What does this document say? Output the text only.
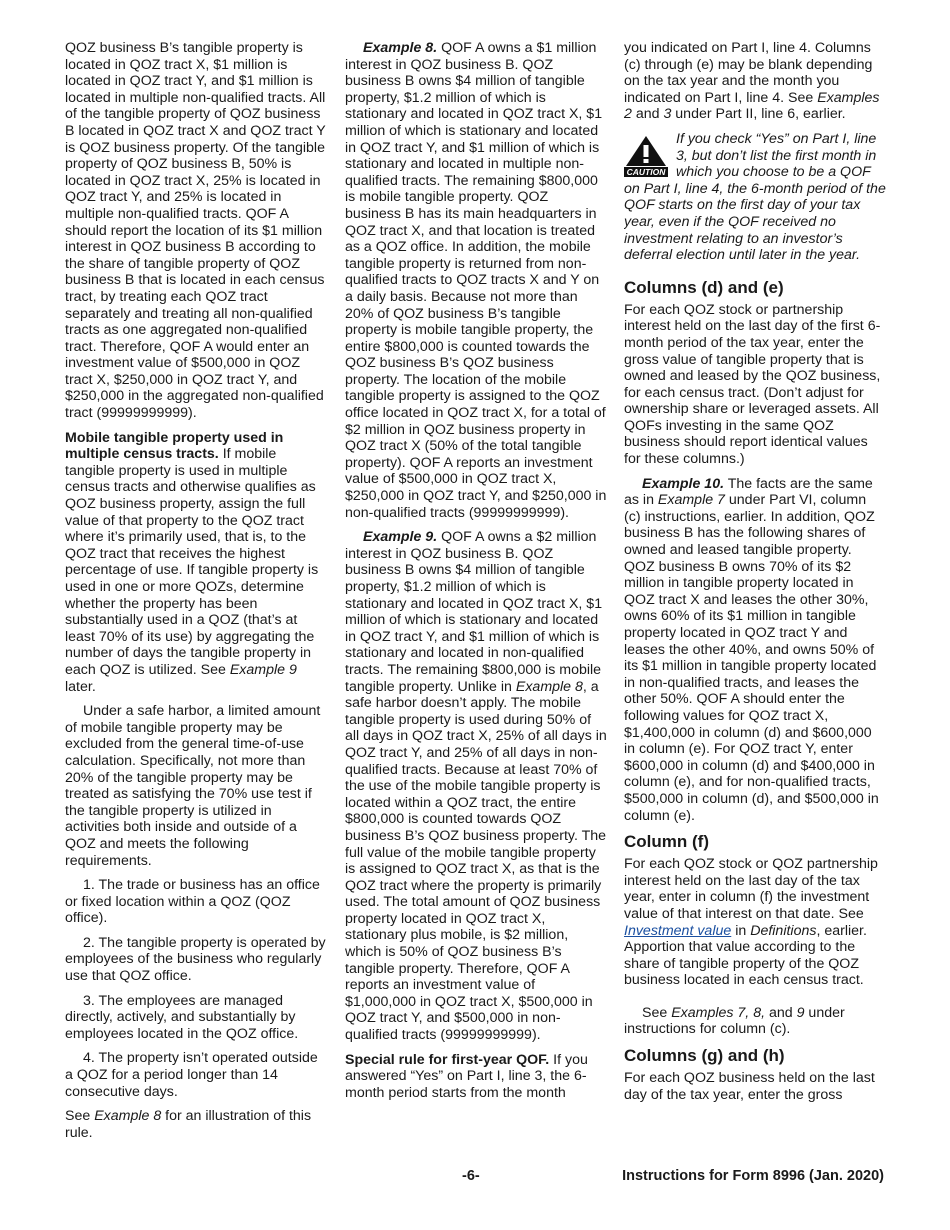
QOZ business B’s tangible property is located in QOZ tract X, $1 million is located in QOZ tract Y, and $1 million is located in multiple non-qualified tracts. All of the tangible property of QOZ business B located in QOZ tract X and QOZ tract Y is QOZ business property. Of the tangible property of QOZ business B, 50% is located in QOZ tract X, 25% is located in QOZ tract Y, and 25% is located in multiple non-qualified tracts. QOF A should report the location of its $1 million interest in QOZ business B according to the share of tangible property of QOZ business B that is located in each census tract, by treating each QOZ tract separately and treating all non-qualified tracts as one aggregated non-qualified tract. Therefore, QOF A would enter an investment value of $500,000 in QOZ tract X, $250,000 in QOZ tract Y, and $250,000 in the aggregated non-qualified tract (99999999999).

Mobile tangible property used in multiple census tracts. If mobile tangible property is used in multiple census tracts and otherwise qualifies as QOZ business property, assign the full value of that property to the QOZ tract where it’s primarily used, that is, to the QOZ tract that receives the highest percentage of use. If tangible property is used in one or more QOZs, determine whether the property has been substantially used in a QOZ (that’s at least 70% of its use) by aggregating the number of days the tangible property in each QOZ is utilized. See Example 9 later.

Under a safe harbor, a limited amount of mobile tangible property may be excluded from the general time-of-use calculation. Specifically, not more than 20% of the tangible property may be treated as satisfying the 70% use test if the tangible property is utilized in activities both inside and outside of a QOZ and meets the following requirements.

1. The trade or business has an office or fixed location within a QOZ (QOZ office).

2. The tangible property is operated by employees of the business who regularly use that QOZ office.

3. The employees are managed directly, actively, and substantially by employees located in the QOZ office.

4. The property isn’t operated outside a QOZ for a period longer than 14 consecutive days.

See Example 8 for an illustration of this rule.

Example 8. QOF A owns a $1 million interest in QOZ business B. QOZ business B owns $4 million of tangible property, $1.2 million of which is stationary and located in QOZ tract X, $1 million of which is stationary and located in QOZ tract Y, and $1 million of which is stationary and located in multiple non-qualified tracts. The remaining $800,000 is mobile tangible property. QOZ business B has its main headquarters in QOZ tract X, and that location is treated as a QOZ office. In addition, the mobile tangible property is returned from non-qualified tracts to QOZ tracts X and Y on a daily basis. Because not more than 20% of QOZ business B’s tangible property is mobile tangible property, the entire $800,000 is counted towards the QOZ business B’s QOZ business property. The location of the mobile tangible property is assigned to the QOZ office located in QOZ tract X, for a total of $2 million in QOZ business property in QOZ tract X (50% of the total tangible property). QOF A reports an investment value of $500,000 in QOZ tract X, $250,000 in QOZ tract Y, and $250,000 in non-qualified tracts (99999999999).

Example 9. QOF A owns a $2 million interest in QOZ business B. QOZ business B owns $4 million of tangible property, $1.2 million of which is stationary and located in QOZ tract X, $1 million of which is stationary and located in QOZ tract Y, and $1 million of which is stationary and located in non-qualified tracts. The remaining $800,000 is mobile tangible property. Unlike in Example 8, a safe harbor doesn’t apply. The mobile tangible property is used during 50% of all days in QOZ tract X, 25% of all days in QOZ tract Y, and 25% of all days in non-qualified tracts. Because at least 70% of the use of the mobile tangible property is located within a QOZ tract, the entire $800,000 is counted towards QOZ business B’s QOZ business property. The full value of the mobile tangible property is assigned to QOZ tract X, as that is the QOZ tract where the property is primarily used. The total amount of QOZ business property located in QOZ tract X, stationary plus mobile, is $2 million, which is 50% of QOZ business B’s tangible property. Therefore, QOF A reports an investment value of $1,000,000 in QOZ tract X, $500,000 in QOZ tract Y, and $500,000 in non-qualified tracts (99999999999).

Special rule for first-year QOF. If you answered “Yes” on Part I, line 3, the 6-month period starts from the month

you indicated on Part I, line 4. Columns (c) through (e) may be blank depending on the tax year and the month you indicated on Part I, line 4. See Examples 2 and 3 under Part II, line 6, earlier.

CAUTION
If you check “Yes” on Part I, line 3, but don’t list the first month in which you choose to be a QOF on Part I, line 4, the 6-month period of the QOF starts on the first day of your tax year, even if the QOF received no investment relating to an investor’s deferral election until later in the year.
Columns (d) and (e)

For each QOZ stock or partnership interest held on the last day of the first 6-month period of the tax year, enter the gross value of tangible property that is owned and leased by the QOZ business, for each census tract. (Don’t adjust for ownership share or leveraged assets. All QOFs investing in the same QOZ business should report identical values for these columns.)

Example 10. The facts are the same as in Example 7 under Part VI, column (c) instructions, earlier. In addition, QOZ business B has the following shares of owned and leased tangible property. QOZ business B owns 70% of its $2 million in tangible property located in QOZ tract X and leases the other 30%, owns 60% of its $1 million in tangible property located in QOZ tract Y and leases the other 40%, and owns 50% of its $1 million in tangible property located in non-qualified tracts, and leases the other 50%. QOF A should enter the following values for QOZ tract X, $1,400,000 in column (d) and $600,000 in column (e). For QOZ tract Y, enter $600,000 in column (d) and $400,000 in column (e), and for non-qualified tracts, $500,000 in column (d), and $500,000 in column (e).

Column (f)

For each QOZ stock or QOZ partnership interest held on the last day of the tax year, enter in column (f) the investment value of that interest on that date. See Investment value in Definitions, earlier. Apportion that value according to the share of tangible property of the QOZ business located in each census tract.

See Examples 7, 8, and 9 under instructions for column (c).

Columns (g) and (h)

For each QOZ business held on the last day of the tax year, enter the gross

-6-	Instructions for Form 8996 (Jan. 2020)
